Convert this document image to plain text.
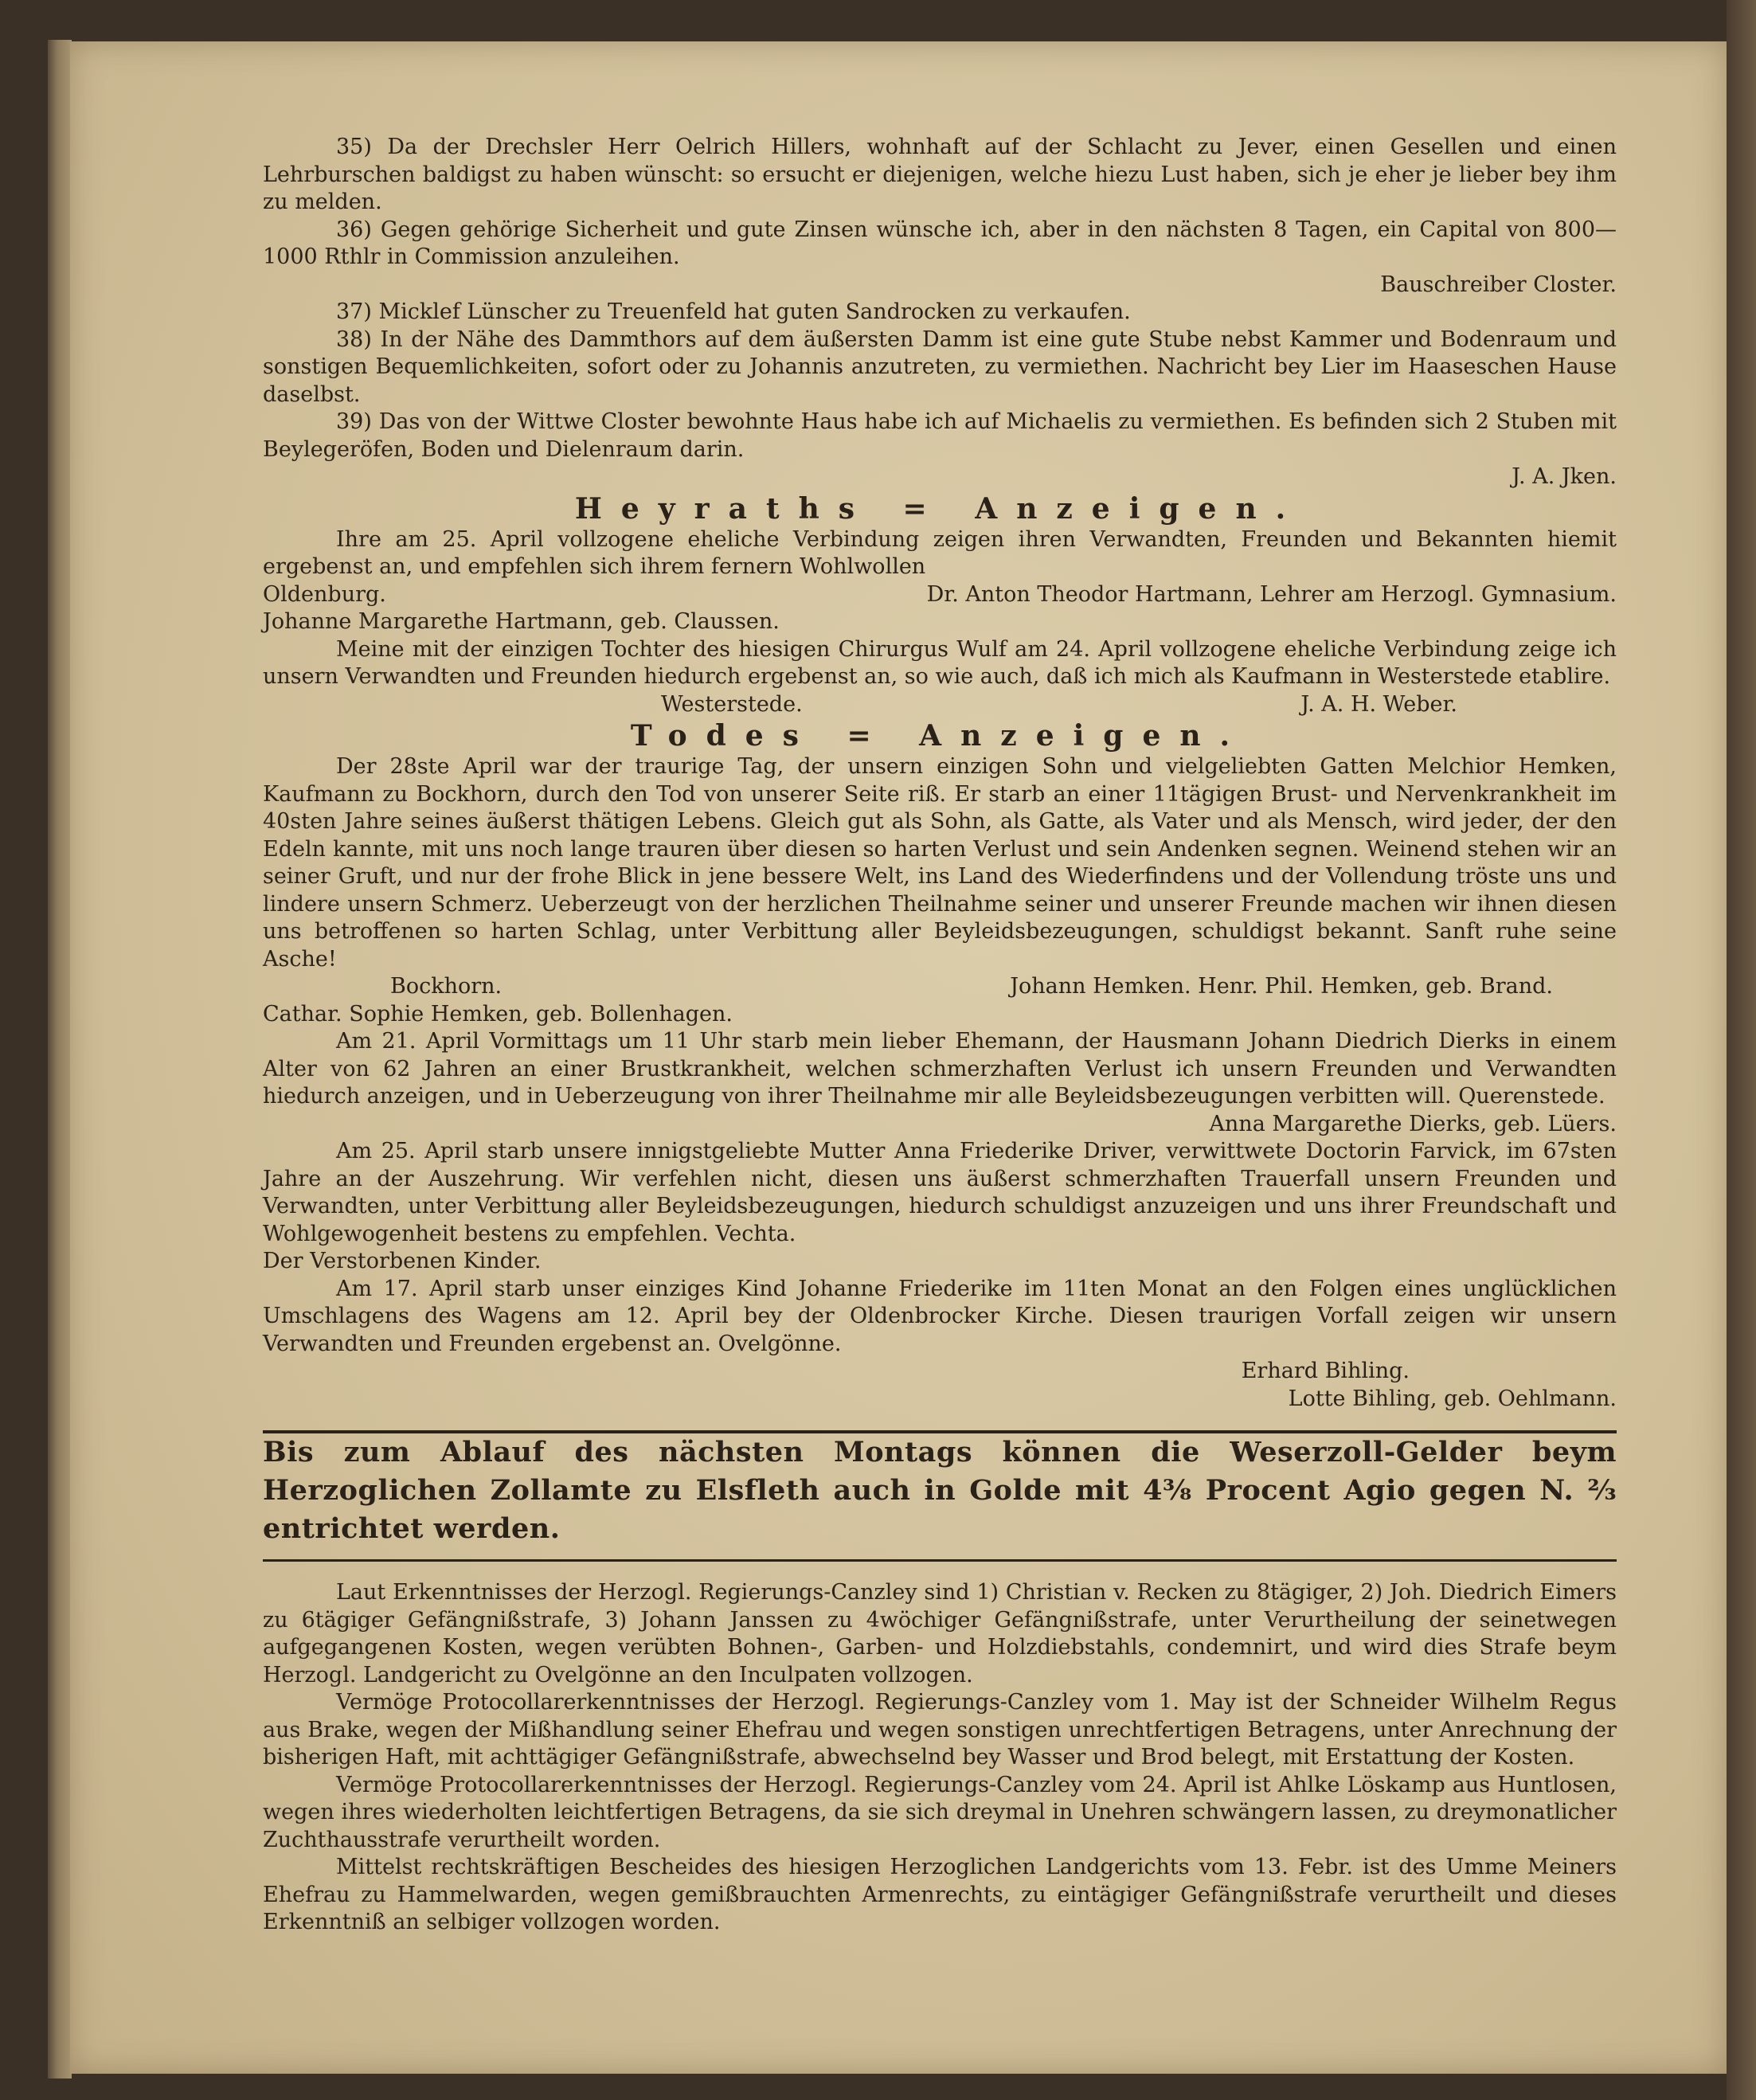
35) Da der Drechsler Herr Oelrich Hillers, wohnhaft auf der Schlacht zu Jever, einen Gesellen und einen Lehrburschen baldigst zu haben wünscht: so ersucht er diejenigen, welche hiezu Lust haben, sich je eher je lieber bey ihm zu melden.

36) Gegen gehörige Sicherheit und gute Zinsen wünsche ich, aber in den nächsten 8 Tagen, ein Capital von 800—1000 Rthlr in Commission anzuleihen.

Bauschreiber Closter.

37) Micklef Lünscher zu Treuenfeld hat guten Sandrocken zu verkaufen.

38) In der Nähe des Dammthors auf dem äußersten Damm ist eine gute Stube nebst Kammer und Bodenraum und sonstigen Bequemlichkeiten, sofort oder zu Johannis anzutreten, zu vermiethen. Nachricht bey Lier im Haaseschen Hause daselbst.

39) Das von der Wittwe Closter bewohnte Haus habe ich auf Michaelis zu vermiethen. Es befinden sich 2 Stuben mit Beylegeröfen, Boden und Dielenraum darin.

J. A. Jken.

Heyraths = Anzeigen.

Ihre am 25. April vollzogene eheliche Verbindung zeigen ihren Verwandten, Freunden und Bekannten hiemit ergebenst an, und empfehlen sich ihrem fernern Wohlwollen

Oldenburg.	Dr. Anton Theodor Hartmann, Lehrer am Herzogl. Gymnasium.

Johanne Margarethe Hartmann, geb. Claussen.

Meine mit der einzigen Tochter des hiesigen Chirurgus Wulf am 24. April vollzogene eheliche Verbindung zeige ich unsern Verwandten und Freunden hiedurch ergebenst an, so wie auch, daß ich mich als Kaufmann in Westerstede etablire.

Westerstede.	J. A. H. Weber.

Todes = Anzeigen.

Der 28ste April war der traurige Tag, der unsern einzigen Sohn und vielgeliebten Gatten Melchior Hemken, Kaufmann zu Bockhorn, durch den Tod von unserer Seite riß. Er starb an einer 11tägigen Brust- und Nervenkrankheit im 40sten Jahre seines äußerst thätigen Lebens. Gleich gut als Sohn, als Gatte, als Vater und als Mensch, wird jeder, der den Edeln kannte, mit uns noch lange trauren über diesen so harten Verlust und sein Andenken segnen. Weinend stehen wir an seiner Gruft, und nur der frohe Blick in jene bessere Welt, ins Land des Wiederfindens und der Vollendung tröste uns und lindere unsern Schmerz. Ueberzeugt von der herzlichen Theilnahme seiner und unserer Freunde machen wir ihnen diesen uns betroffenen so harten Schlag, unter Verbittung aller Beyleidsbezeugungen, schuldigst bekannt. Sanft ruhe seine Asche!

Bockhorn.	Johann Hemken. Henr. Phil. Hemken, geb. Brand.

Cathar. Sophie Hemken, geb. Bollenhagen.

Am 21. April Vormittags um 11 Uhr starb mein lieber Ehemann, der Hausmann Johann Diedrich Dierks in einem Alter von 62 Jahren an einer Brustkrankheit, welchen schmerzhaften Verlust ich unsern Freunden und Verwandten hiedurch anzeigen, und in Ueberzeugung von ihrer Theilnahme mir alle Beyleidsbezeugungen verbitten will. Querenstede.

Anna Margarethe Dierks, geb. Lüers.

Am 25. April starb unsere innigstgeliebte Mutter Anna Friederike Driver, verwittwete Doctorin Farvick, im 67sten Jahre an der Auszehrung. Wir verfehlen nicht, diesen uns äußerst schmerzhaften Trauerfall unsern Freunden und Verwandten, unter Verbittung aller Beyleidsbezeugungen, hiedurch schuldigst anzuzeigen und uns ihrer Freundschaft und Wohlgewogenheit bestens zu empfehlen. Vechta.

Der Verstorbenen Kinder.

Am 17. April starb unser einziges Kind Johanne Friederike im 11ten Monat an den Folgen eines unglücklichen Umschlagens des Wagens am 12. April bey der Oldenbrocker Kirche. Diesen traurigen Vorfall zeigen wir unsern Verwandten und Freunden ergebenst an. Ovelgönne.

Erhard Bihling.

Lotte Bihling, geb. Oehlmann.

Bis zum Ablauf des nächsten Montags können die Weserzoll-Gelder beym Herzoglichen Zollamte zu Elsfleth auch in Golde mit 4⅜ Procent Agio gegen N. ⅔ entrichtet werden.

Laut Erkenntnisses der Herzogl. Regierungs-Canzley sind 1) Christian v. Recken zu 8tägiger, 2) Joh. Diedrich Eimers zu 6tägiger Gefängnißstrafe, 3) Johann Janssen zu 4wöchiger Gefängnißstrafe, unter Verurtheilung der seinetwegen aufgegangenen Kosten, wegen verübten Bohnen-, Garben- und Holzdiebstahls, condemnirt, und wird dies Strafe beym Herzogl. Landgericht zu Ovelgönne an den Inculpaten vollzogen.

Vermöge Protocollarerkenntnisses der Herzogl. Regierungs-Canzley vom 1. May ist der Schneider Wilhelm Regus aus Brake, wegen der Mißhandlung seiner Ehefrau und wegen sonstigen unrechtfertigen Betragens, unter Anrechnung der bisherigen Haft, mit achttägiger Gefängnißstrafe, abwechselnd bey Wasser und Brod belegt, mit Erstattung der Kosten.

Vermöge Protocollarerkenntnisses der Herzogl. Regierungs-Canzley vom 24. April ist Ahlke Löskamp aus Huntlosen, wegen ihres wiederholten leichtfertigen Betragens, da sie sich dreymal in Unehren schwängern lassen, zu dreymonatlicher Zuchthausstrafe verurtheilt worden.

Mittelst rechtskräftigen Bescheides des hiesigen Herzoglichen Landgerichts vom 13. Febr. ist des Umme Meiners Ehefrau zu Hammelwarden, wegen gemißbrauchten Armenrechts, zu eintägiger Gefängnißstrafe verurtheilt und dieses Erkenntniß an selbiger vollzogen worden.
